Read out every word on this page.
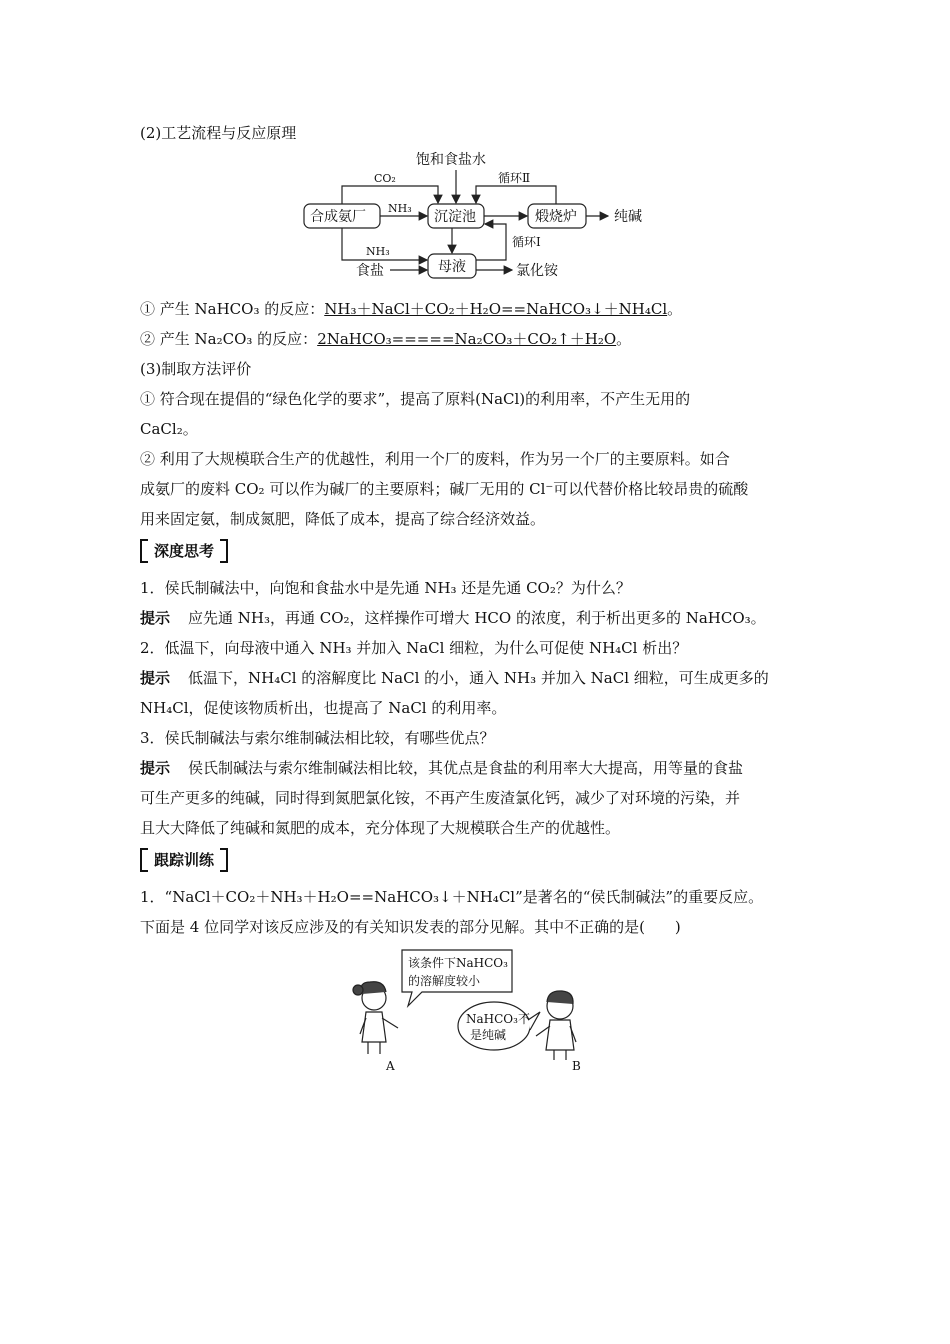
(2)工艺流程与反应原理
① 产生 NaHCO₃ 的反应：NH₃＋NaCl＋CO₂＋H₂O==NaHCO₃↓＋NH₄Cl。
② 产生 Na₂CO₃ 的反应：2NaHCO₃=====Na₂CO₃＋CO₂↑＋H₂O。
(3)制取方法评价
① 符合现在提倡的“绿色化学的要求”，提高了原料(NaCl)的利用率，不产生无用的
CaCl₂。
② 利用了大规模联合生产的优越性，利用一个厂的废料，作为另一个厂的主要原料。如合
成氨厂的废料 CO₂ 可以作为碱厂的主要原料；碱厂无用的 Cl⁻可以代替价格比较昂贵的硫酸
用来固定氨，制成氮肥，降低了成本，提高了综合经济效益。
深度思考
1．侯氏制碱法中，向饱和食盐水中是先通 NH₃ 还是先通 CO₂？为什么？
提示 应先通 NH₃，再通 CO₂，这样操作可增大 HCO 的浓度，利于析出更多的 NaHCO₃。
2．低温下，向母液中通入 NH₃ 并加入 NaCl 细粒，为什么可促使 NH₄Cl 析出？
提示 低温下，NH₄Cl 的溶解度比 NaCl 的小，通入 NH₃ 并加入 NaCl 细粒，可生成更多的
NH₄Cl，促使该物质析出，也提高了 NaCl 的利用率。
3．侯氏制碱法与索尔维制碱法相比较，有哪些优点？
提示 侯氏制碱法与索尔维制碱法相比较，其优点是食盐的利用率大大提高，用等量的食盐
可生产更多的纯碱，同时得到氮肥氯化铵，不再产生废渣氯化钙，减少了对环境的污染，并
且大大降低了纯碱和氮肥的成本，充分体现了大规模联合生产的优越性。
跟踪训练
1．“NaCl＋CO₂＋NH₃＋H₂O==NaHCO₃↓＋NH₄Cl”是著名的“侯氏制碱法”的重要反应。
下面是 4 位同学对该反应涉及的有关知识发表的部分见解。其中不正确的是(　　)
饱和食盐水
CO₂	循环Ⅱ
NH₃
合成氨厂	沉淀池	煅烧炉	纯碱
循环Ⅰ
NH₃
食盐	母液	氯化铵
该条件下NaHCO₃
的溶解度较小
NaHCO₃不
是纯碱
A	B
